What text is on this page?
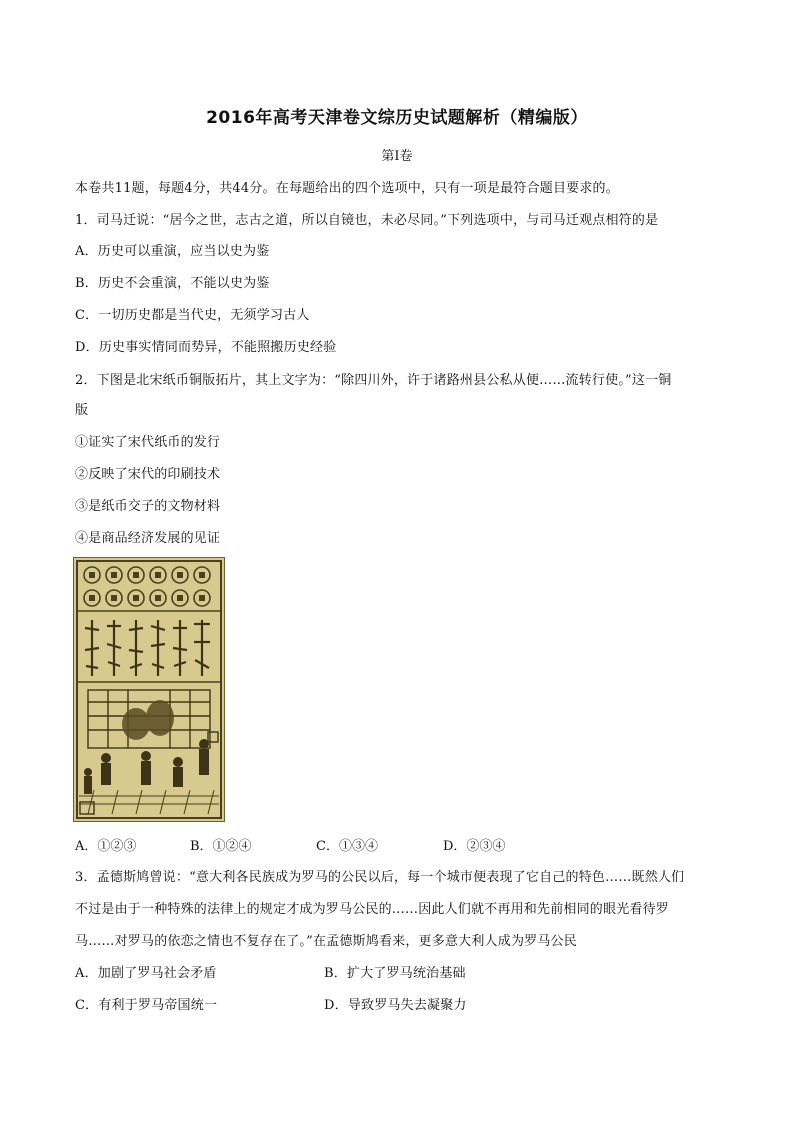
2016年高考天津卷文综历史试题解析（精编版）
第Ⅰ卷
本卷共11题，每题4分，共44分。在每题给出的四个选项中，只有一项是最符合题目要求的。
1．司马迁说：“居今之世，志古之道，所以自镜也，未必尽同。”下列选项中，与司马迁观点相符的是
A．历史可以重演，应当以史为鉴
B．历史不会重演，不能以史为鉴
C．一切历史都是当代史，无须学习古人
D．历史事实情同而势异，不能照搬历史经验
2．下图是北宋纸币铜版拓片，其上文字为：“除四川外，许于诸路州县公私从便……流转行使。”这一铜
版
①证实了宋代纸币的发行
②反映了宋代的印刷技术
③是纸币交子的文物材料
④是商品经济发展的见证
A．①②③	B．①②④	C．①③④	D．②③④
3．孟德斯鸠曾说：“意大利各民族成为罗马的公民以后，每一个城市便表现了它自己的特色……既然人们
不过是由于一种特殊的法律上的规定才成为罗马公民的……因此人们就不再用和先前相同的眼光看待罗
马……对罗马的依恋之情也不复存在了。”在孟德斯鸠看来，更多意大利人成为罗马公民
A．加剧了罗马社会矛盾	B．扩大了罗马统治基础
C．有利于罗马帝国统一	D．导致罗马失去凝聚力
